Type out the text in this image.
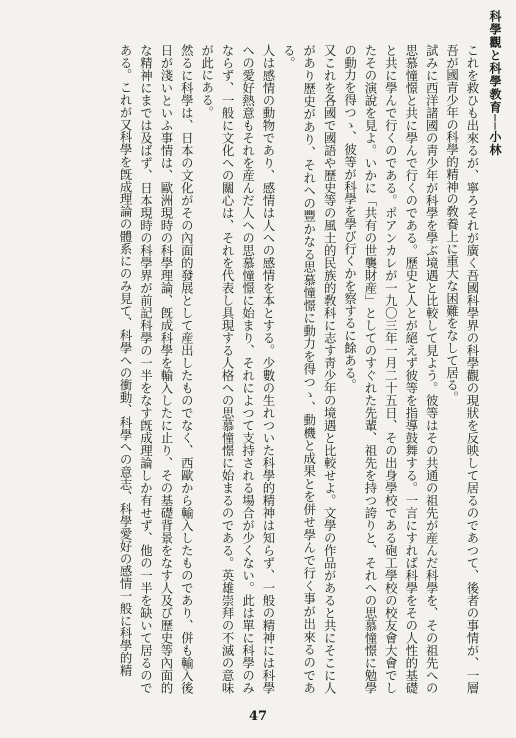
科學觀と科學教育──小林

これを救ひも出來るが、寧ろそれが廣く吾國科學界の科學觀の現狀を反映して居るのであつて、後者の事情が、一層吾が國青少年の科學的精神の敎養上に重大な困難をなして居る。

試みに西洋諸國の靑少年が科學を學ぶ境遇と比較して見よう。彼等はその共通の祖先が産んだ科學を、その祖先への思慕憧憬と共に學んで行くのである。歷史と人とが絕えず彼等を指導鼓舞する。一言にすれば科學をその人性的基礎と共に學んで行くのである。ポアンカレが一九〇三年一月二十五日、その出身學校である砲工學校の校友會大會でしたその演說を見よ。いかに「共有の世襲財産」としてのすぐれた先輩、祖先を持つ誇りと、それへの思慕憧憬に勉學の動力を得つゝ、彼等が科學を學び行くかを察するに餘ある。

又これを各國で國語や歷史等の風土的民族的敎科に志す靑少年の境遇と比較せよ。文學の作品があると共にそこに人があり歷史があり、それへの豐かなる思慕憧憬に動力を得つゝ、動機と成果とを併せ學んで行く事が出來るのである。

人は感情の動物であり、感情は人への感情を本とする。少數の生れついた科學的精神は知らず、一般の精神には科學への愛好熱意もそれを産んだ人への思慕憧憬に始まり、それによつて支持される場合が少くない。此は單に科學のみならず、一般に文化への關心は、それを代表し具現する人格への思慕憧憬に始まるのである。英雄崇拜の不滅の意味が此にある。

然るに科學は、日本の文化がその內面的發展として産出したものでなく、西歐から輸入したものであり、併も輸入後日が淺いといふ事情は、歐洲現時の科學理論、旣成科學を輸入したに止り、その基礎背景をなす人及び歷史等內面的な精神にまでは及ばず、日本現時の科學界が前記科學の一半をなす旣成理論しか有せず、他の一半を缺いて居るのである。これが又科學を旣成理論の體系にのみ見て、科學への衝動、科學への意志、科學愛好の感情一般に科學的精

47
